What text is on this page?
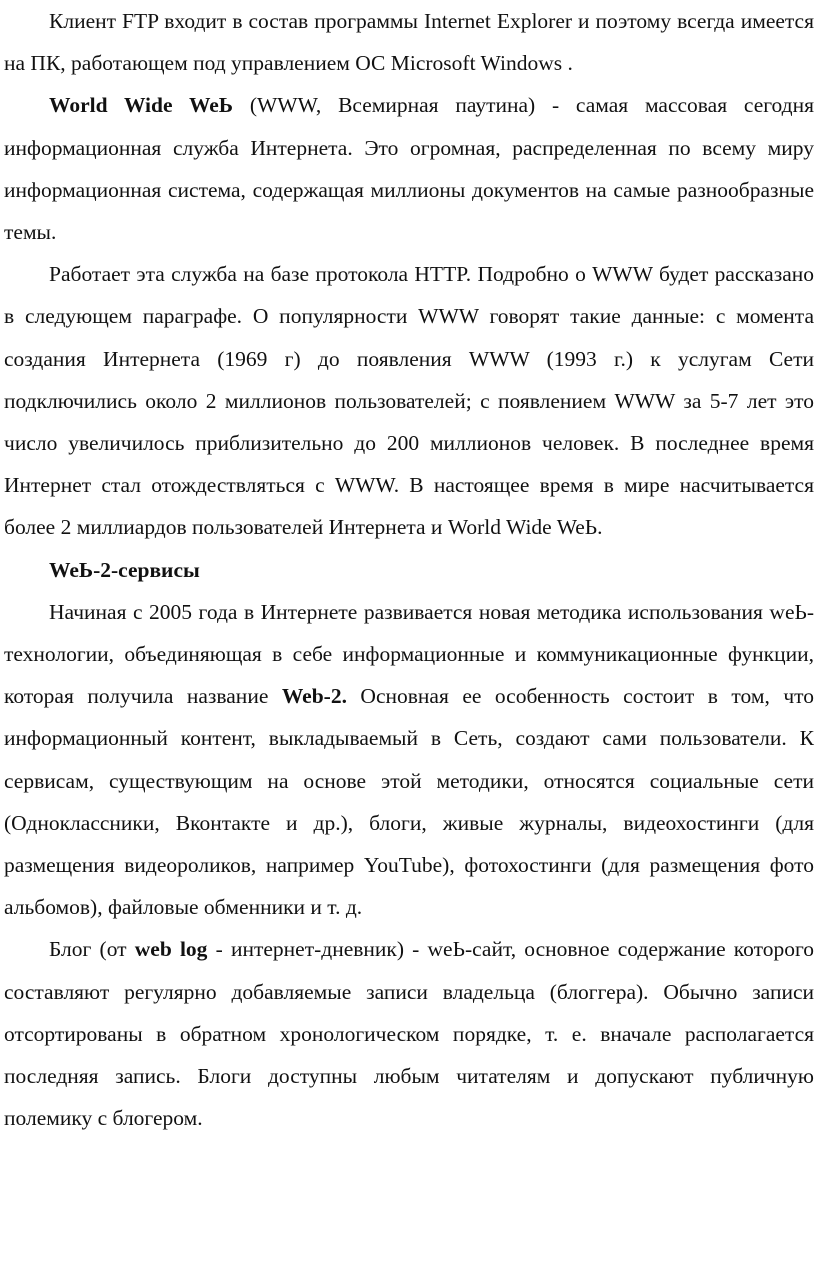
Клиент FTP входит в состав программы Internet Explorer и поэтому всегда имеется на ПК, работающем под управлением ОС Microsoft Windows .

World Wide WeЬ (WWW, Всемирная паутина) - самая массовая сегодня информационная служба Интернета. Это огромная, распределенная по всему миру информационная система, содержащая миллионы документов на самые разнообразные темы.

Работает эта служба на базе протокола HTTP. Подробно о WWW будет рассказано в следующем параграфе. О популярности WWW говорят такие данные: с момента создания Интернета (1969 г) до появления WWW (1993 г.) к услугам Сети подключились около 2 миллионов пользователей; с появлением WWW за 5-7 лет это число увеличилось приблизительно до 200 миллионов человек. В последнее время Интернет стал отождествляться с WWW. В настоящее время в мире насчитывается более 2 миллиардов пользователей Интернета и World Wide WeЬ.

WeЬ-2-сервисы

Начиная с 2005 года в Интернете развивается новая методика использования weЬ-технологии, объединяющая в себе информационные и коммуникационные функции, которая получила название Web-2. Основная ее особенность состоит в том, что информационный контент, выкладываемый в Сеть, создают сами пользователи. К сервисам, существующим на основе этой методики, относятся социальные сети (Одноклассники, Вконтакте и др.), блоги, живые журналы, видеохостинги (для размещения видеороликов, например YouTube), фотохостинги (для размещения фото альбомов), файловые обменники и т. д.

Блог (от web log - интернет-дневник) - weЬ-сайт, основное содержание которого составляют регулярно добавляемые записи владельца (блоггера). Обычно записи отсортированы в обратном хронологическом порядке, т. е. вначале располагается последняя запись. Блоги доступны любым читателям и допускают публичную полемику с блогером.
